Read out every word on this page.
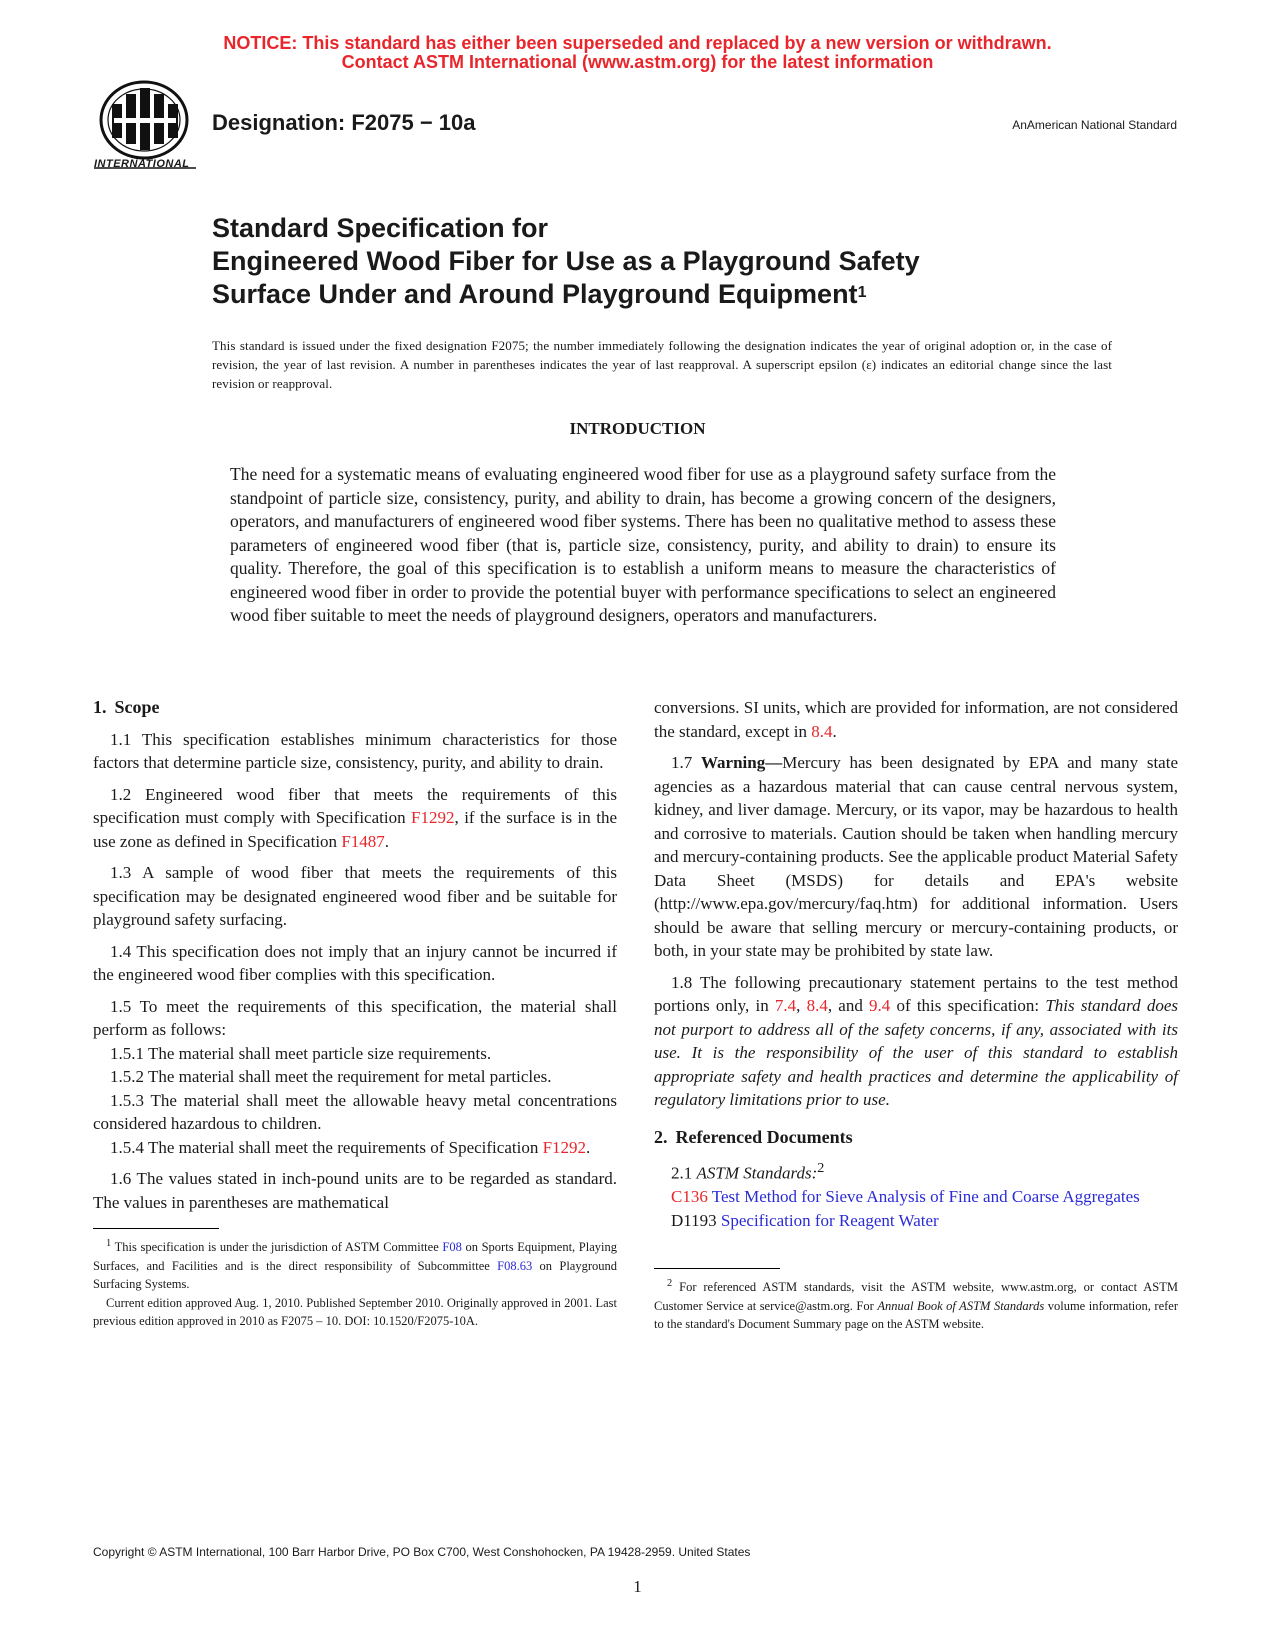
NOTICE: This standard has either been superseded and replaced by a new version or withdrawn.
Contact ASTM International (www.astm.org) for the latest information
INTERNATIONAL
Designation: F2075 − 10a	AnAmerican National Standard
Standard Specification for
Engineered Wood Fiber for Use as a Playground Safety
Surface Under and Around Playground Equipment$^1$
This standard is issued under the fixed designation F2075; the number immediately following the designation indicates the year of original adoption or, in the case of revision, the year of last revision. A number in parentheses indicates the year of last reapproval. A superscript epsilon (ε) indicates an editorial change since the last revision or reapproval.
INTRODUCTION
The need for a systematic means of evaluating engineered wood fiber for use as a playground safety surface from the standpoint of particle size, consistency, purity, and ability to drain, has become a growing concern of the designers, operators, and manufacturers of engineered wood fiber systems. There has been no qualitative method to assess these parameters of engineered wood fiber (that is, particle size, consistency, purity, and ability to drain) to ensure its quality. Therefore, the goal of this specification is to establish a uniform means to measure the characteristics of engineered wood fiber in order to provide the potential buyer with performance specifications to select an engineered wood fiber suitable to meet the needs of playground designers, operators and manufacturers.
1. Scope

1.1 This specification establishes minimum characteristics for those factors that determine particle size, consistency, purity, and ability to drain.

1.2 Engineered wood fiber that meets the requirements of this specification must comply with Specification F1292, if the surface is in the use zone as defined in Specification F1487.

1.3 A sample of wood fiber that meets the requirements of this specification may be designated engineered wood fiber and be suitable for playground safety surfacing.

1.4 This specification does not imply that an injury cannot be incurred if the engineered wood fiber complies with this specification.

1.5 To meet the requirements of this specification, the material shall perform as follows:

1.5.1 The material shall meet particle size requirements.

1.5.2 The material shall meet the requirement for metal particles.

1.5.3 The material shall meet the allowable heavy metal concentrations considered hazardous to children.

1.5.4 The material shall meet the requirements of Specification F1292.

1.6 The values stated in inch-pound units are to be regarded as standard. The values in parentheses are mathematical

$^1$ This specification is under the jurisdiction of ASTM Committee F08 on Sports Equipment, Playing Surfaces, and Facilities and is the direct responsibility of Subcommittee F08.63 on Playground Surfacing Systems.

Current edition approved Aug. 1, 2010. Published September 2010. Originally approved in 2001. Last previous edition approved in 2010 as F2075 – 10. DOI: 10.1520/F2075-10A.

conversions. SI units, which are provided for information, are not considered the standard, except in 8.4.

1.7 Warning—Mercury has been designated by EPA and many state agencies as a hazardous material that can cause central nervous system, kidney, and liver damage. Mercury, or its vapor, may be hazardous to health and corrosive to materials. Caution should be taken when handling mercury and mercury-containing products. See the applicable product Material Safety Data Sheet (MSDS) for details and EPA's website (http://www.epa.gov/mercury/faq.htm) for additional information. Users should be aware that selling mercury or mercury-containing products, or both, in your state may be prohibited by state law.

1.8 The following precautionary statement pertains to the test method portions only, in 7.4, 8.4, and 9.4 of this specification: This standard does not purport to address all of the safety concerns, if any, associated with its use. It is the responsibility of the user of this standard to establish appropriate safety and health practices and determine the applicability of regulatory limitations prior to use.

2. Referenced Documents

2.1 ASTM Standards:$^2$

C136 Test Method for Sieve Analysis of Fine and Coarse Aggregates

D1193 Specification for Reagent Water

$^2$ For referenced ASTM standards, visit the ASTM website, www.astm.org, or contact ASTM Customer Service at service@astm.org. For Annual Book of ASTM Standards volume information, refer to the standard's Document Summary page on the ASTM website.

Copyright © ASTM International, 100 Barr Harbor Drive, PO Box C700, West Conshohocken, PA 19428-2959. United States
1
